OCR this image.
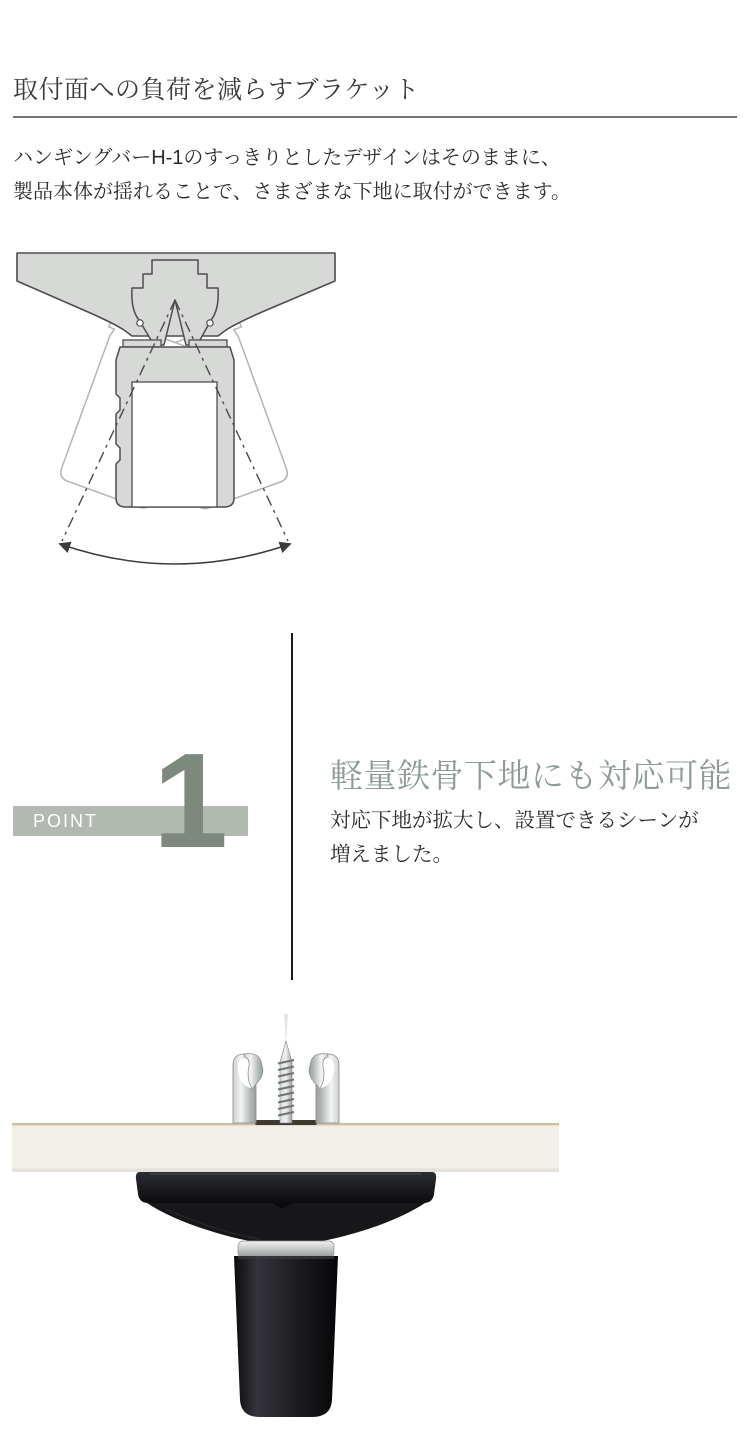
取付面への負荷を減らすブラケット

ハンギングバーH-1のすっきりとしたデザインはそのままに、
製品本体が揺れることで、さまざまな下地に取付ができます。

POINT 1	軽量鉄骨下地にも対応可能

対応下地が拡大し、設置できるシーンが
増えました。
